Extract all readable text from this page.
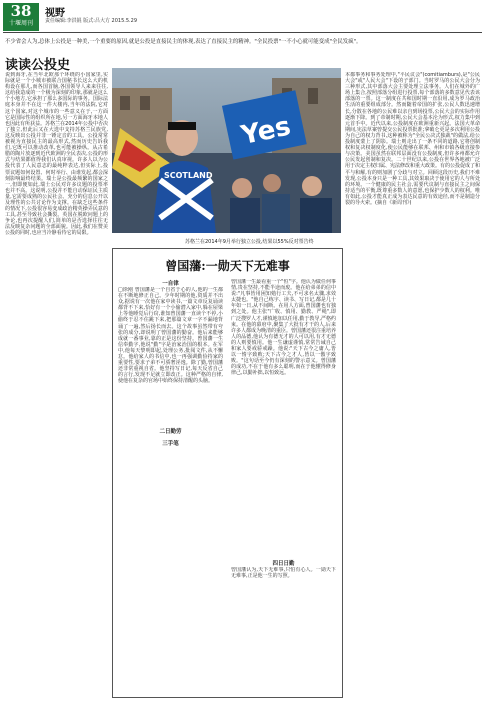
38
十堰周刊
视野
责任编辑:李洪锟 版式:吕大方 2015.5.29
不少省会人为,总体上公投是一种美,一个重要的原因,就是公投是直接民主的体现,表达了直接民主的精神。"全民投票"一不小心就可能变成"全民发疯"。
读读公投史
说到海牙,在当年北欧那个环绕的小国家里,实际就是一个小城市被联合国秘书长这么大的机构设在那儿,而各国首脑,各国领导人来来往往,这给我造成的一个极为深刻的印象,那就是这么个小地方,它承担了那么多国际的事务。国际法庭本身并不在这一件大楼内,当年的法院,它对这个国家,对这个城市的一些意义在于,一方面它是国际性的组织所在地,另一方面海牙本地人也因此有所获益。苏格兰在2014年公投中否决了独立,但此后又在大选中支持苏格兰民族党,这反映出公投并非一锤定音的工具。公投常常被视为直接民主的最高形式,然而历史告诉我们,它既可以推动改革,也可能被操纵。从古希腊的陶片放逐到近代欧洲的全民表决,公投的形式与结果都值得我们认真审视。许多人以为公投代表了人民意志的最纯粹表达,但实际上,投票议题如何设置、何时举行、由谁发起,都会深刻影响最终结果。瑞士是公投最频繁的国家之一,但即便如此,瑞士公民对许多议题的投票率也并不高。这说明,公投并不能自动保证民主质量,它需要成熟的公民社会、充分的信息公开以及理性的公共讨论作为支撑。在缺乏这些条件的情况下,公投很容易变成政治精英操弄民意的工具,甚至导致社会撕裂。英国在脱欧问题上的争论,也再次提醒人们,简单的是否选择往往无法反映复杂问题的全部面貌。因此,我们在赞美公投的同时,也应当冷静看待它的局限。
Yes
SCOTLAND
苏格兰在2014年9月举行独立公投,结果以55%反对票告终
本都事务和事务处理中,"平民议会"(comitiamburs),是"公民大会"或"人民大会"下设的子部门。当时罗马的公民大会分为三种形式,其中部落大会主要处理立法事务。人们在城外的广场上集合,按照部落分组进行投票,每个部落的多数意见代表该部落的一票。这一制度在共和国时期一直沿用,成为罗马政治生活的重要组成部分。然而随着帝国的扩张,公民人数迅速增长,分散在各地的公民难以亲自到场投票,公民大会的实际作用逐渐下降。到了帝制时期,公民大会基本沦为形式,权力集中到元首手中。近代以来,公投制度在欧洲重新兴起。法国大革命期间,宪法草案曾提交公民投票批准;拿破仑更是多次利用公投为自己的权力背书,这种被称为"全民公决式独裁"的做法,给公投制度蒙上了阴影。瑞士则走出了一条不同的道路,它将创制权和复决权制度化,使公民能够在联邦、州和市镇各级直接参与决策。美国虽然在联邦层面没有公投制度,但许多州都允许公民发起创制和复决。二十世纪以来,公投在世界各地被广泛用于决定主权归属、宪法修改和重大政策。有的公投促成了和平与和解,有的则加剧了分歧与对立。回顾这段历史,我们不难发现,公投本身只是一种工具,其效果取决于使用它的人与所处的环境。一个健康的民主社会,需要代议制与直接民主之间保持适当的平衡,既尊重多数人的意愿,也保护少数人的权利。唯有如此,公投才能真正成为表达民意的有效途径,而不是制造分裂的导火索。(摘自《新周刊》)
曾国藩:一勋天下无难事
一自律
□徐刚 曾国藩是一个自省于心的人,他的一生都在不断地修正自己。少年时期的他,资质并不出众,据说有一次他在家中读书,一篇文章反复诵读都背不下来,恰好有一个小偷潜入家中,躲在屋梁上等他睡觉后行窃,谁知曾国藩一直读个不停,小偷终于忍不住跳下来,把那篇文章一字不漏地背诵了一遍,然后扬长而去。这个故事虽然带有夸张的成分,却说明了曾国藩的勤奋。他后来能够成就一番事业,靠的正是这份坚持。曾国藩一生信奉勤字,他说"勤"字是治家治国的根本。在军中,他每天黎明即起,处理公务,批阅文件,从不懈怠。他给家人的书信中,也一再强调勤俭持家的重要性,要求子弟不可骄奢淫逸。除了勤,曾国藩还非常重视自省。他坚持写日记,每天反省自己的言行,发现不足就立即改正。这种严格的自律,使他在复杂的官场中始终保持清醒的头脑。
二日勤劳
三手笔
曾国藩一生最看重一个"恒"字。他认为做任何事情,贵在坚持,不能半途而废。他在给弟弟的信中说:"凡事皆用困知勉行工夫,不可求名太骤,求效太捷也。"他自己练字、读书、写日记,都是几十年如一日,从不间断。在用人方面,曾国藩也有独到之处。他主张"广收、慎用、勤教、严绳",即广泛搜罗人才,谨慎地加以任用,勤于教导,严格约束。在他的幕府中,聚集了大批有才干的人,后来许多人都成为晚清的重臣。曾国藩还很注重培养人的品德,他认为有德无才的人可以用,有才无德的人则要慎用。他一生谦虚谨慎,常常告诫自己和家人要戒骄戒躁。他说:"天下古今之庸人,皆以一惰字致败;天下古今之才人,皆以一傲字致败。"这句话至今仍有深刻的警示意义。曾国藩的成功,不在于他有多么聪明,而在于他懂得修身律己,以勤补拙,以恒致远。
四日日勤
曾国藩认为,天下无难事,只怕有心人。一勋天下无难事,正是他一生的写照。
